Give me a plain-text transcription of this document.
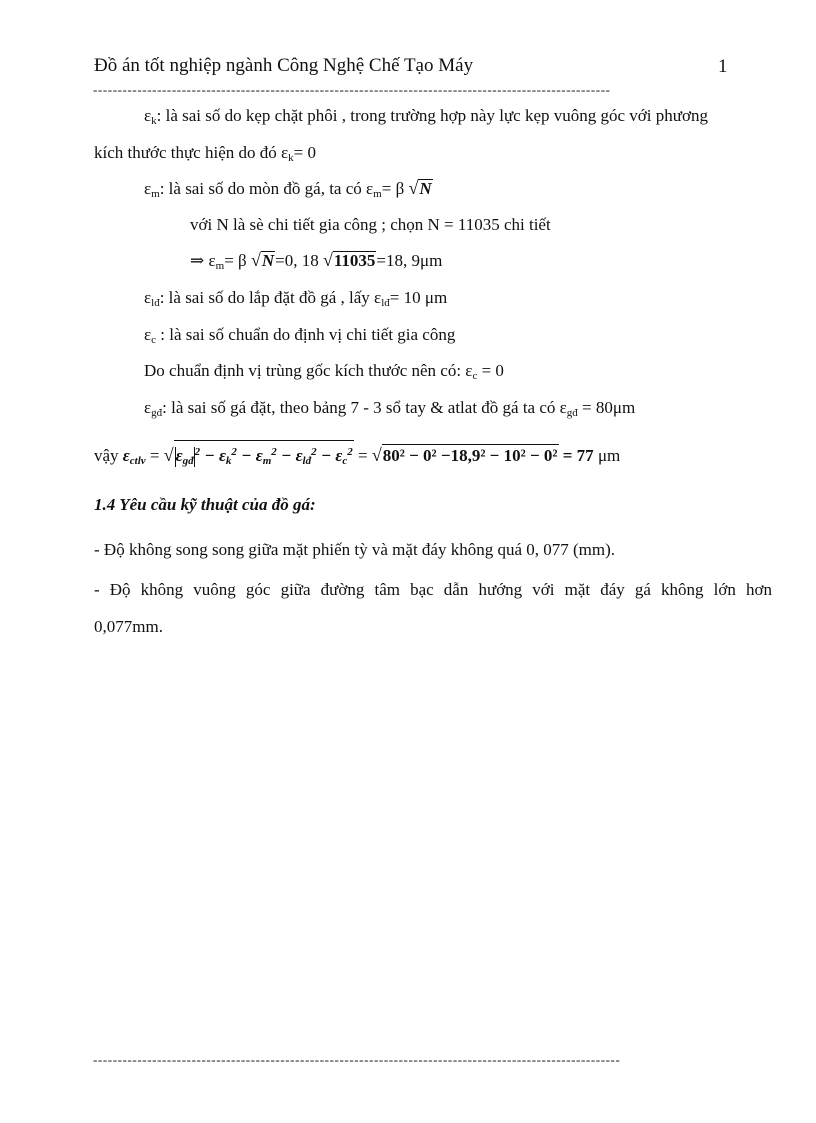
Đồ án tốt nghiệp ngành Công Nghệ Chế Tạo Máy	1
---------------------------------------------------------------------------------------------------------
$\varepsilon_k$: là sai số do kẹp chặt phôi , trong trường hợp này lực kẹp vuông góc với phương
kích thước thực hiện do đó $\varepsilon_k= 0$
$\varepsilon_m$: là sai số do mòn đồ gá, ta có $\varepsilon_m= \beta$ √N
với N là sè chi tiết gia công ; chọn N = 11035 chi tiết
⇒ $\varepsilon_m= \beta$ √N=0, 18 √11035=18, 9μm
$\varepsilon_{lđ}$: là sai số do lắp đặt đồ gá , lấy $\varepsilon_{lđ}= 10$ μm
$\varepsilon_c$ : là sai số chuẩn do định vị chi tiết gia công
Do chuẩn định vị trùng gốc kích thước nên có: $\varepsilon_c = 0$
$\varepsilon_{gđ}$: là sai số gá đặt, theo bảng 7 - 3 sổ tay & atlat đồ gá ta có $\varepsilon_{gđ} = 80\mu m$
vậy $\varepsilon_{ctlv}$ = √ $\varepsilon_{gđ}^2 - \varepsilon_k^2 - \varepsilon_m^2 - \varepsilon_{lđ}^2 - \varepsilon_c^2 = √80^2 - 0^2 -18,9^2 - 10^2 - 0^2 = 77$ μm
1.4 Yêu cầu kỹ thuật của đồ gá:
- Độ không song song giữa mặt phiến tỳ và mặt đáy không quá 0, 077 (mm).
- Độ không vuông góc giữa đường tâm bạc dẫn hướng với mặt đáy gá không lớn hơn
0,077mm.
-----------------------------------------------------------------------------------------------------------
